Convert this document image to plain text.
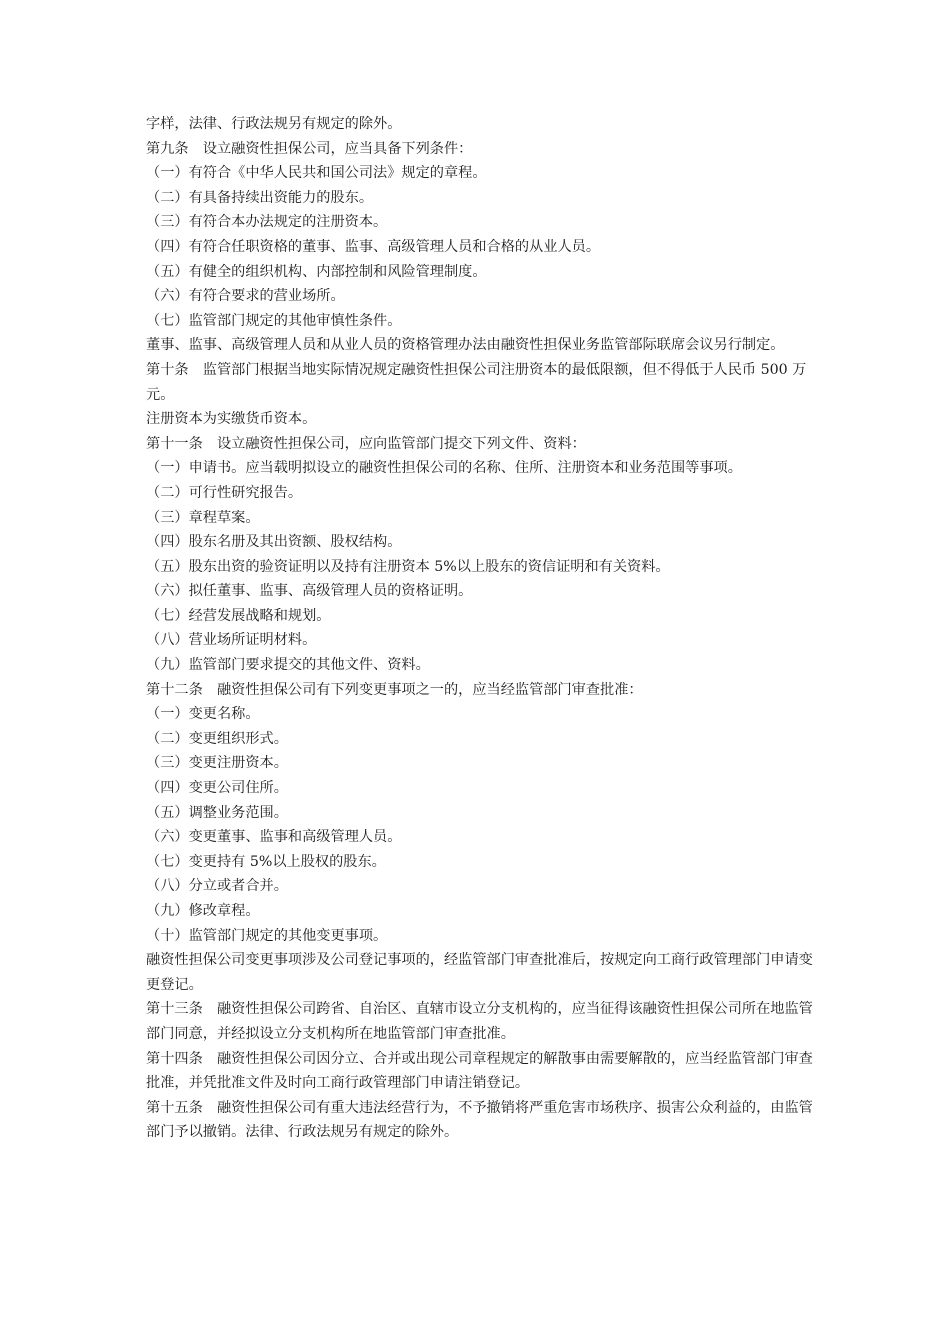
字样，法律、行政法规另有规定的除外。

第九条　设立融资性担保公司，应当具备下列条件：

（一）有符合《中华人民共和国公司法》规定的章程。

（二）有具备持续出资能力的股东。

（三）有符合本办法规定的注册资本。

（四）有符合任职资格的董事、监事、高级管理人员和合格的从业人员。

（五）有健全的组织机构、内部控制和风险管理制度。

（六）有符合要求的营业场所。

（七）监管部门规定的其他审慎性条件。

董事、监事、高级管理人员和从业人员的资格管理办法由融资性担保业务监管部际联席会议另行制定。

第十条　监管部门根据当地实际情况规定融资性担保公司注册资本的最低限额，但不得低于人民币 500 万元。

注册资本为实缴货币资本。

第十一条　设立融资性担保公司，应向监管部门提交下列文件、资料：

（一）申请书。应当载明拟设立的融资性担保公司的名称、住所、注册资本和业务范围等事项。

（二）可行性研究报告。

（三）章程草案。

（四）股东名册及其出资额、股权结构。

（五）股东出资的验资证明以及持有注册资本 5%以上股东的资信证明和有关资料。

（六）拟任董事、监事、高级管理人员的资格证明。

（七）经营发展战略和规划。

（八）营业场所证明材料。

（九）监管部门要求提交的其他文件、资料。

第十二条　融资性担保公司有下列变更事项之一的，应当经监管部门审查批准：

（一）变更名称。

（二）变更组织形式。

（三）变更注册资本。

（四）变更公司住所。

（五）调整业务范围。

（六）变更董事、监事和高级管理人员。

（七）变更持有 5%以上股权的股东。

（八）分立或者合并。

（九）修改章程。

（十）监管部门规定的其他变更事项。

融资性担保公司变更事项涉及公司登记事项的，经监管部门审查批准后，按规定向工商行政管理部门申请变更登记。

第十三条　融资性担保公司跨省、自治区、直辖市设立分支机构的，应当征得该融资性担保公司所在地监管部门同意，并经拟设立分支机构所在地监管部门审查批准。

第十四条　融资性担保公司因分立、合并或出现公司章程规定的解散事由需要解散的，应当经监管部门审查批准，并凭批准文件及时向工商行政管理部门申请注销登记。

第十五条　融资性担保公司有重大违法经营行为，不予撤销将严重危害市场秩序、损害公众利益的，由监管部门予以撤销。法律、行政法规另有规定的除外。
